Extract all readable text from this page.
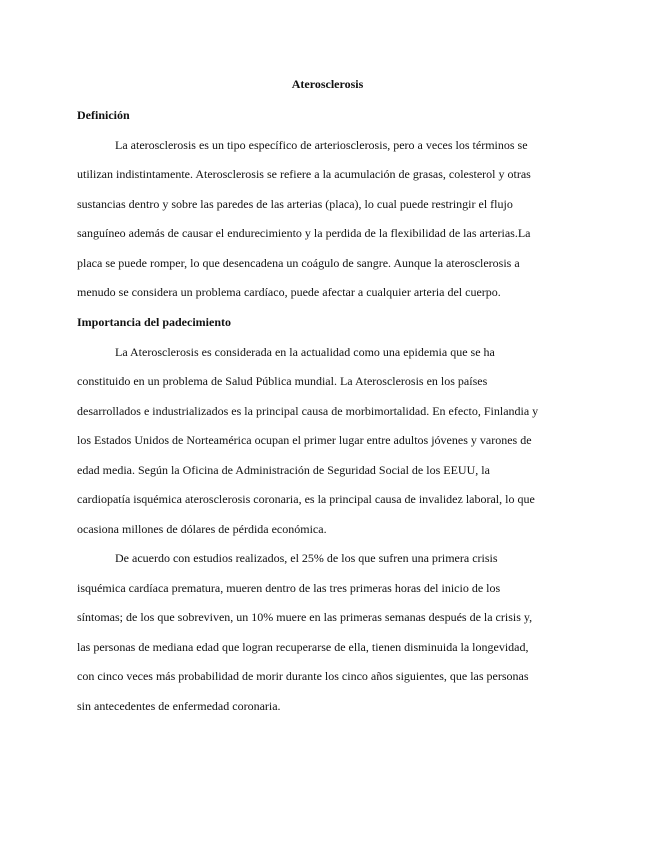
Aterosclerosis
Definición
La aterosclerosis es un tipo específico de arteriosclerosis, pero a veces los términos se
utilizan indistintamente. Aterosclerosis se refiere a la acumulación de grasas, colesterol y otras
sustancias dentro y sobre las paredes de las arterias (placa), lo cual puede restringir el flujo
sanguíneo además de causar el endurecimiento y la perdida de la flexibilidad de las arterias.La
placa se puede romper, lo que desencadena un coágulo de sangre. Aunque la aterosclerosis a
menudo se considera un problema cardíaco, puede afectar a cualquier arteria del cuerpo.
Importancia del padecimiento
La Aterosclerosis es considerada en la actualidad como una epidemia que se ha
constituido en un problema de Salud Pública mundial. La Aterosclerosis en los países
desarrollados e industrializados es la principal causa de morbimortalidad. En efecto, Finlandia y
los Estados Unidos de Norteamérica ocupan el primer lugar entre adultos jóvenes y varones de
edad media. Según la Oficina de Administración de Seguridad Social de los EEUU, la
cardiopatía isquémica aterosclerosis coronaria, es la principal causa de invalidez laboral, lo que
ocasiona millones de dólares de pérdida económica.
De acuerdo con estudios realizados, el 25% de los que sufren una primera crisis
isquémica cardíaca prematura, mueren dentro de las tres primeras horas del inicio de los
síntomas; de los que sobreviven, un 10% muere en las primeras semanas después de la crisis y,
las personas de mediana edad que logran recuperarse de ella, tienen disminuida la longevidad,
con cinco veces más probabilidad de morir durante los cinco años siguientes, que las personas
sin antecedentes de enfermedad coronaria.
